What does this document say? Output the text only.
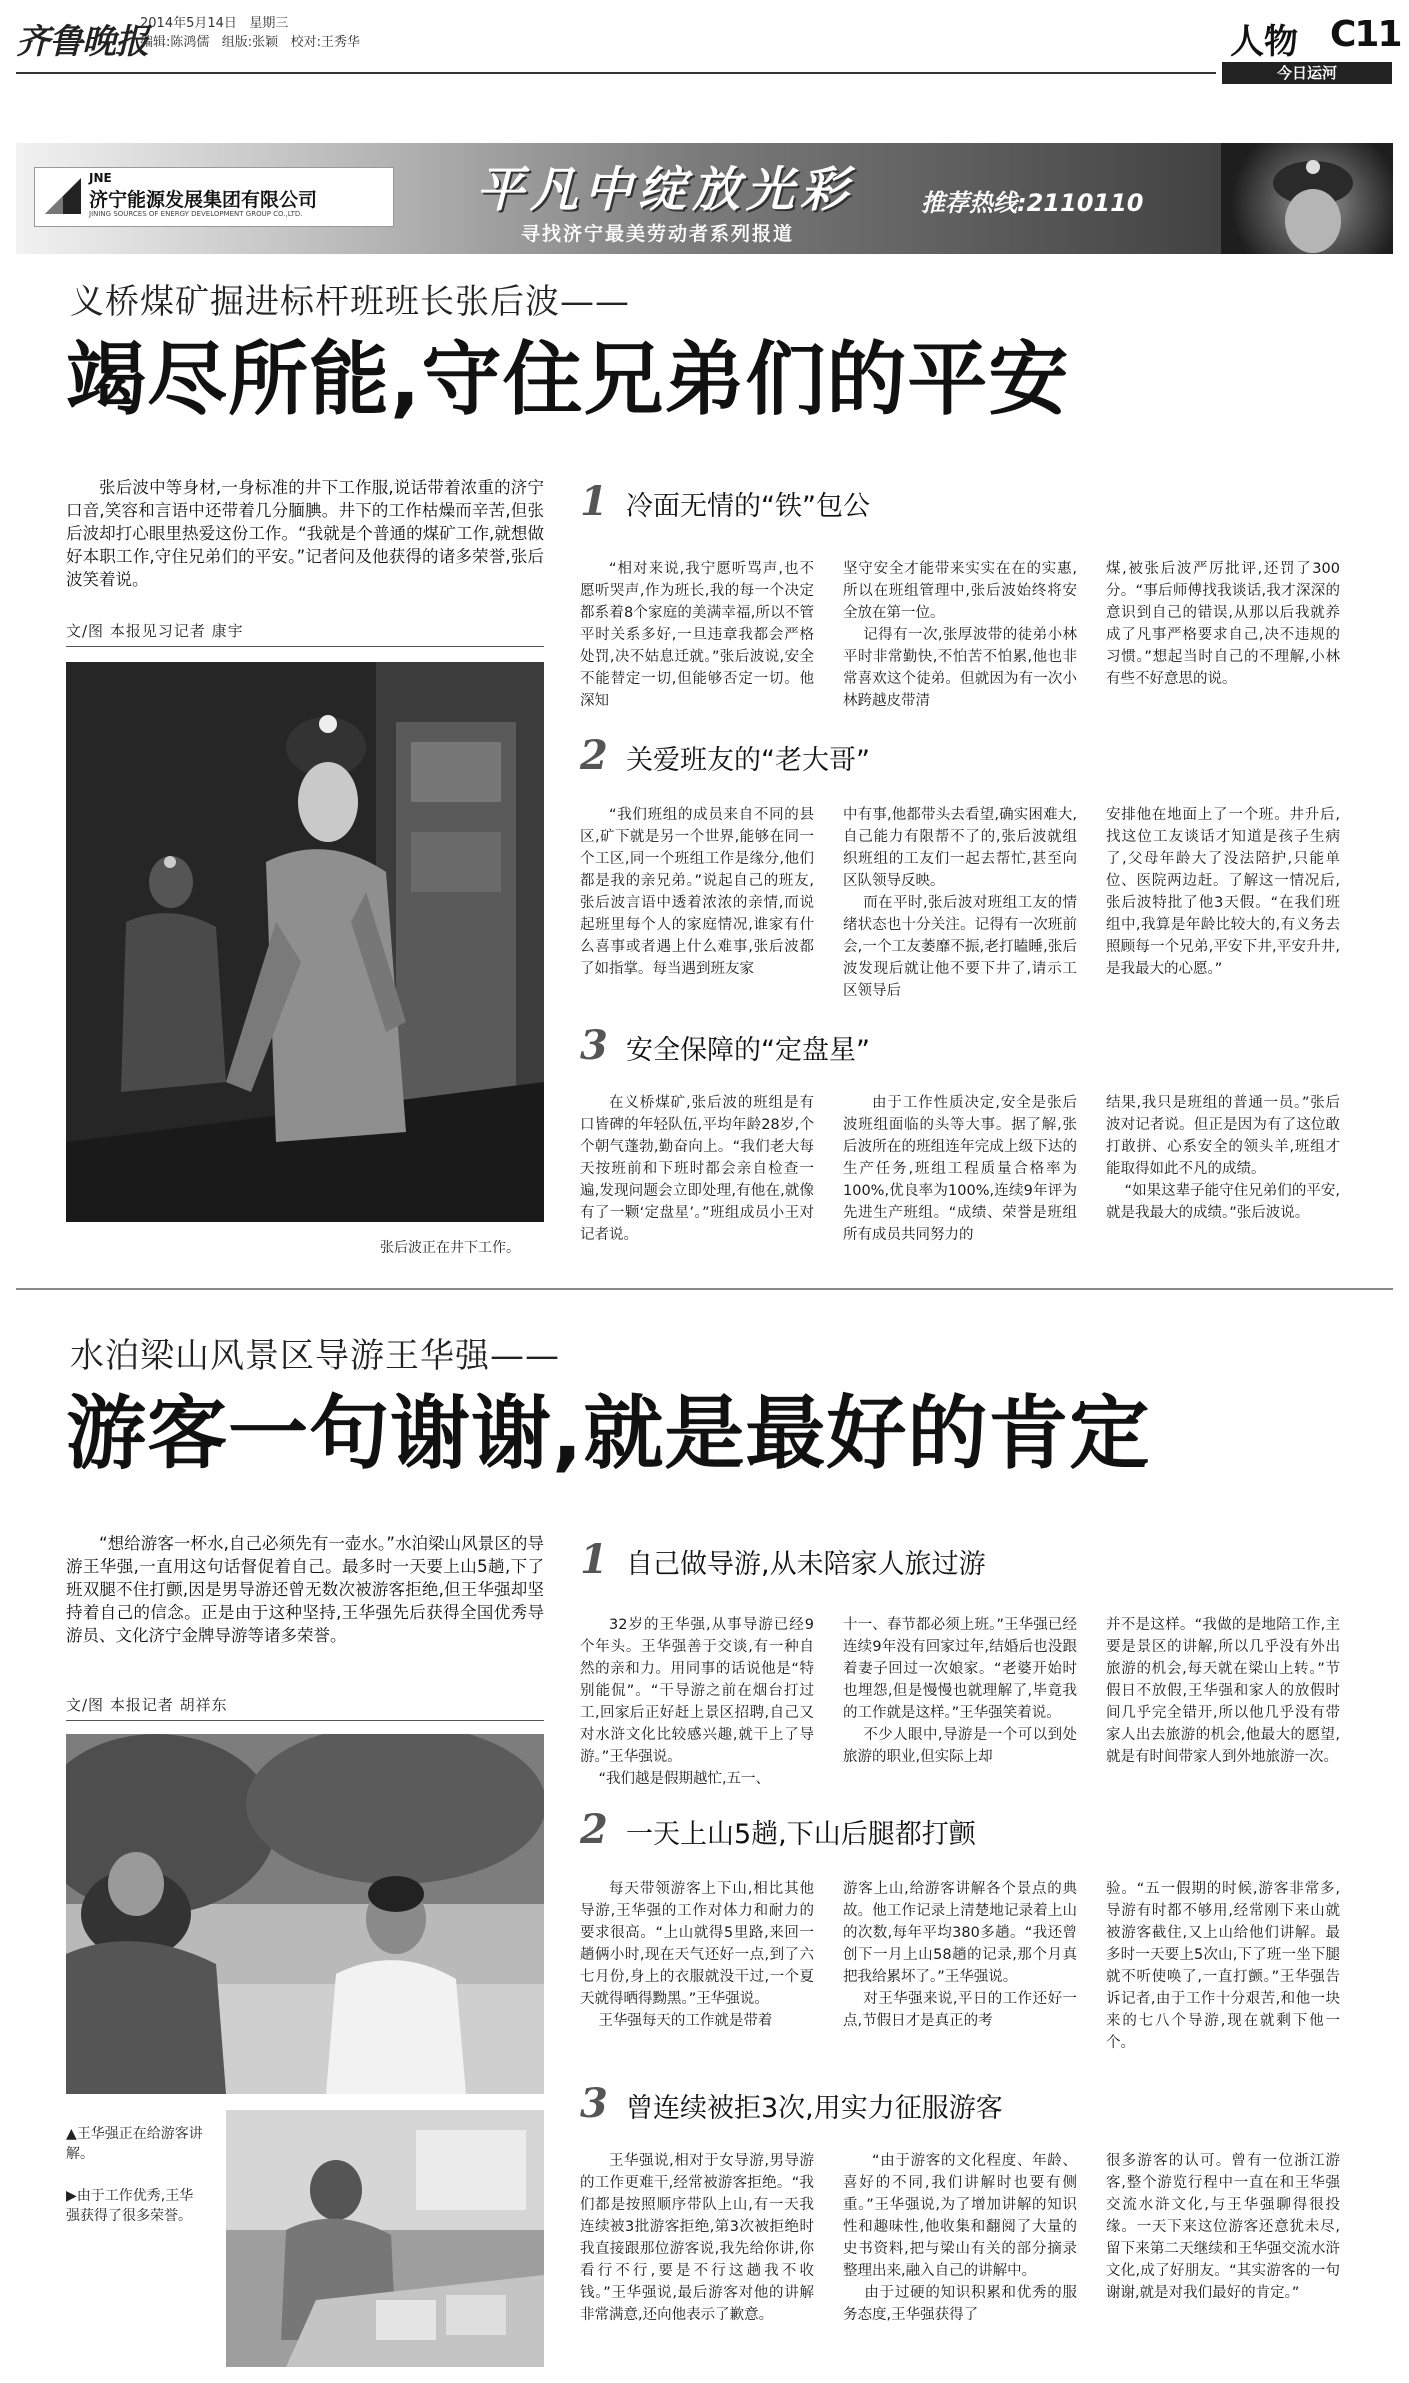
齐鲁晚报
2014年5月14日 星期三
编辑:陈鸿儒 组版:张颖 校对:王秀华	人物 C11
今日运河
JNE
济宁能源发展集团有限公司
JINING SOURCES OF ENERGY DEVELOPMENT GROUP CO.,LTD.	平凡中绽放光彩
寻找济宁最美劳动者系列报道
推荐热线:2110110
义桥煤矿掘进标杆班班长张后波——
竭尽所能,守住兄弟们的平安
张后波中等身材,一身标准的井下工作服,说话带着浓重的济宁口音,笑容和言语中还带着几分腼腆。井下的工作枯燥而辛苦,但张后波却打心眼里热爱这份工作。“我就是个普通的煤矿工作,就想做好本职工作,守住兄弟们的平安。”记者问及他获得的诸多荣誉,张后波笑着说。
文/图 本报见习记者 康宇
张后波正在井下工作。
1 冷面无情的“铁”包公
“相对来说,我宁愿听骂声,也不愿听哭声,作为班长,我的每一个决定都系着8个家庭的美满幸福,所以不管平时关系多好,一旦违章我都会严格处罚,决不姑息迁就。”张后波说,安全不能替定一切,但能够否定一切。他深知
坚守安全才能带来实实在在的实惠,所以在班组管理中,张后波始终将安全放在第一位。
记得有一次,张厚波带的徒弟小林平时非常勤快,不怕苦不怕累,他也非常喜欢这个徒弟。但就因为有一次小林跨越皮带清
煤,被张后波严厉批评,还罚了300分。“事后师傅找我谈话,我才深深的意识到自己的错误,从那以后我就养成了凡事严格要求自己,决不违规的习惯。”想起当时自己的不理解,小林有些不好意思的说。
2 关爱班友的“老大哥”
“我们班组的成员来自不同的县区,矿下就是另一个世界,能够在同一个工区,同一个班组工作是缘分,他们都是我的亲兄弟。”说起自己的班友,张后波言语中透着浓浓的亲情,而说起班里每个人的家庭情况,谁家有什么喜事或者遇上什么难事,张后波都了如指掌。每当遇到班友家
中有事,他都带头去看望,确实困难大,自己能力有限帮不了的,张后波就组织班组的工友们一起去帮忙,甚至向区队领导反映。
而在平时,张后波对班组工友的情绪状态也十分关注。记得有一次班前会,一个工友萎靡不振,老打瞌睡,张后波发现后就让他不要下井了,请示工区领导后
安排他在地面上了一个班。井升后,找这位工友谈话才知道是孩子生病了,父母年龄大了没法陪护,只能单位、医院两边赶。了解这一情况后,张后波特批了他3天假。“在我们班组中,我算是年龄比较大的,有义务去照顾每一个兄弟,平安下井,平安升井,是我最大的心愿。”
3 安全保障的“定盘星”
在义桥煤矿,张后波的班组是有口皆碑的年轻队伍,平均年龄28岁,个个朝气蓬勃,勤奋向上。“我们老大每天按班前和下班时都会亲自检查一遍,发现问题会立即处理,有他在,就像有了一颗‘定盘星’。”班组成员小王对记者说。
由于工作性质决定,安全是张后波班组面临的头等大事。据了解,张后波所在的班组连年完成上级下达的生产任务,班组工程质量合格率为100%,优良率为100%,连续9年评为先进生产班组。“成绩、荣誉是班组所有成员共同努力的
结果,我只是班组的普通一员。”张后波对记者说。但正是因为有了这位敢打敢拼、心系安全的领头羊,班组才能取得如此不凡的成绩。
“如果这辈子能守住兄弟们的平安,就是我最大的成绩。”张后波说。
水泊梁山风景区导游王华强——
游客一句谢谢,就是最好的肯定
“想给游客一杯水,自己必须先有一壶水。”水泊梁山风景区的导游王华强,一直用这句话督促着自己。最多时一天要上山5趟,下了班双腿不住打颤,因是男导游还曾无数次被游客拒绝,但王华强却坚持着自己的信念。正是由于这种坚持,王华强先后获得全国优秀导游员、文化济宁金牌导游等诸多荣誉。
文/图 本报记者 胡祥东
▲王华强正在给游客讲解。
▶由于工作优秀,王华强获得了很多荣誉。
1 自己做导游,从未陪家人旅过游
32岁的王华强,从事导游已经9个年头。王华强善于交谈,有一种自然的亲和力。用同事的话说他是“特别能侃”。“干导游之前在烟台打过工,回家后正好赶上景区招聘,自己又对水浒文化比较感兴趣,就干上了导游。”王华强说。
“我们越是假期越忙,五一、
十一、春节都必须上班。”王华强已经连续9年没有回家过年,结婚后也没跟着妻子回过一次娘家。“老婆开始时也埋怨,但是慢慢也就理解了,毕竟我的工作就是这样。”王华强笑着说。
不少人眼中,导游是一个可以到处旅游的职业,但实际上却
并不是这样。“我做的是地陪工作,主要是景区的讲解,所以几乎没有外出旅游的机会,每天就在梁山上转。”节假日不放假,王华强和家人的放假时间几乎完全错开,所以他几乎没有带家人出去旅游的机会,他最大的愿望,就是有时间带家人到外地旅游一次。
2 一天上山5趟,下山后腿都打颤
每天带领游客上下山,相比其他导游,王华强的工作对体力和耐力的要求很高。“上山就得5里路,来回一趟俩小时,现在天气还好一点,到了六七月份,身上的衣服就没干过,一个夏天就得晒得黝黑。”王华强说。
王华强每天的工作就是带着
游客上山,给游客讲解各个景点的典故。他工作记录上清楚地记录着上山的次数,每年平均380多趟。“我还曾创下一月上山58趟的记录,那个月真把我给累坏了。”王华强说。
对王华强来说,平日的工作还好一点,节假日才是真正的考
验。“五一假期的时候,游客非常多,导游有时都不够用,经常刚下来山就被游客截住,又上山给他们讲解。最多时一天要上5次山,下了班一坐下腿就不听使唤了,一直打颤。”王华强告诉记者,由于工作十分艰苦,和他一块来的七八个导游,现在就剩下他一个。
3 曾连续被拒3次,用实力征服游客
王华强说,相对于女导游,男导游的工作更难干,经常被游客拒绝。“我们都是按照顺序带队上山,有一天我连续被3批游客拒绝,第3次被拒绝时我直接跟那位游客说,我先给你讲,你看行不行,要是不行这趟我不收钱。”王华强说,最后游客对他的讲解非常满意,还向他表示了歉意。
“由于游客的文化程度、年龄、喜好的不同,我们讲解时也要有侧重。”王华强说,为了增加讲解的知识性和趣味性,他收集和翻阅了大量的史书资料,把与梁山有关的部分摘录整理出来,融入自己的讲解中。
由于过硬的知识积累和优秀的服务态度,王华强获得了
很多游客的认可。曾有一位浙江游客,整个游览行程中一直在和王华强交流水浒文化,与王华强聊得很投缘。一天下来这位游客还意犹未尽,留下来第二天继续和王华强交流水浒文化,成了好朋友。“其实游客的一句谢谢,就是对我们最好的肯定。”
